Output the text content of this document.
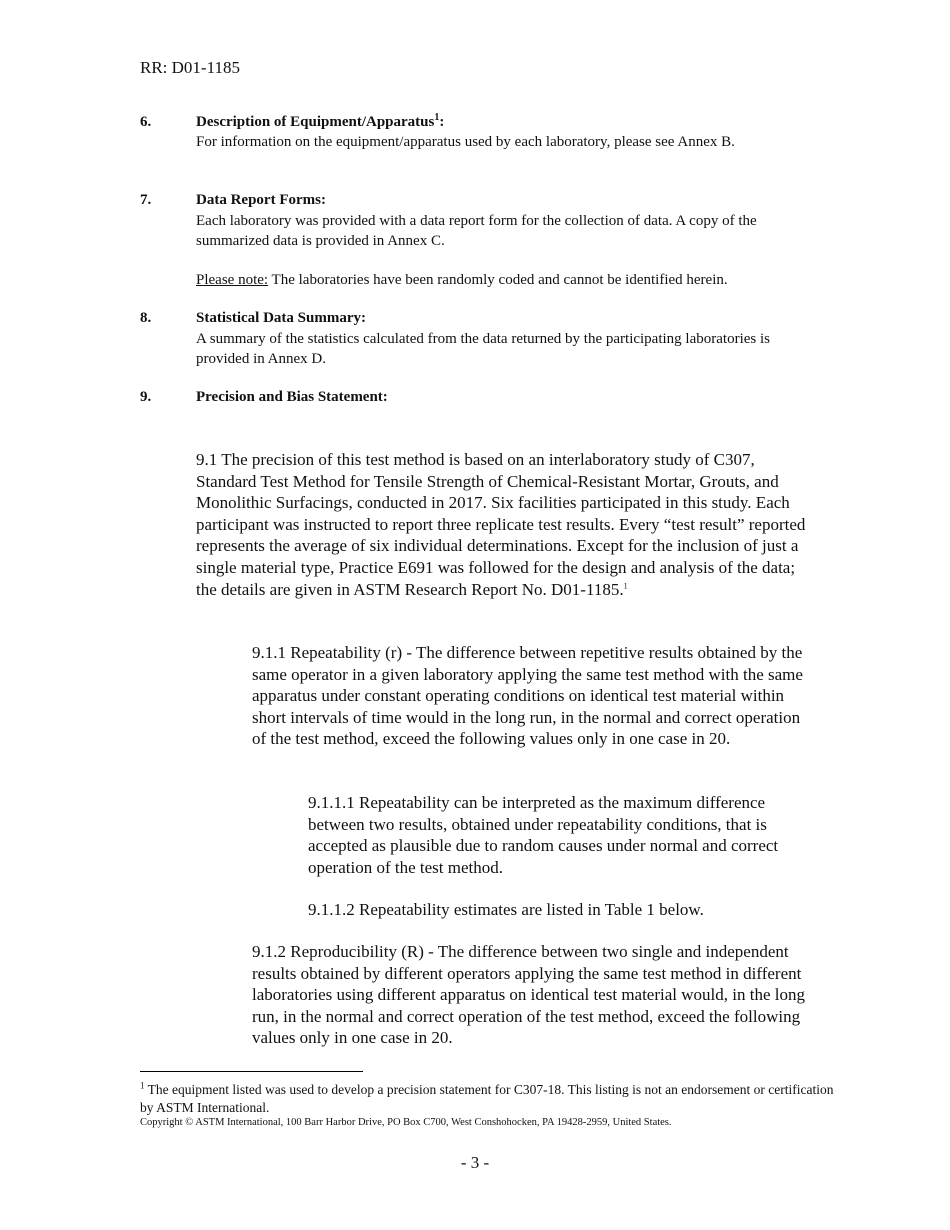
RR: D01-1185
6.	Description of Equipment/Apparatus$^1$:
For information on the equipment/apparatus used by each laboratory, please see Annex B.
7.	Data Report Forms:
Each laboratory was provided with a data report form for the collection of data. A copy of the summarized data is provided in Annex C.
Please note: The laboratories have been randomly coded and cannot be identified herein.
8.	Statistical Data Summary:
A summary of the statistics calculated from the data returned by the participating laboratories is provided in Annex D.
9.	Precision and Bias Statement:
9.1 The precision of this test method is based on an interlaboratory study of C307, Standard Test Method for Tensile Strength of Chemical-Resistant Mortar, Grouts, and Monolithic Surfacings, conducted in 2017. Six facilities participated in this study. Each participant was instructed to report three replicate test results. Every “test result” reported represents the average of six individual determinations. Except for the inclusion of just a single material type, Practice E691 was followed for the design and analysis of the data; the details are given in ASTM Research Report No. D01-1185.$^1$
9.1.1 Repeatability (r) - The difference between repetitive results obtained by the same operator in a given laboratory applying the same test method with the same apparatus under constant operating conditions on identical test material within short intervals of time would in the long run, in the normal and correct operation of the test method, exceed the following values only in one case in 20.
9.1.1.1 Repeatability can be interpreted as the maximum difference between two results, obtained under repeatability conditions, that is accepted as plausible due to random causes under normal and correct operation of the test method.
9.1.1.2 Repeatability estimates are listed in Table 1 below.
9.1.2 Reproducibility (R) - The difference between two single and independent results obtained by different operators applying the same test method in different laboratories using different apparatus on identical test material would, in the long run, in the normal and correct operation of the test method, exceed the following values only in one case in 20.
$^1$ The equipment listed was used to develop a precision statement for C307-18. This listing is not an endorsement or certification by ASTM International.
Copyright © ASTM International, 100 Barr Harbor Drive, PO Box C700, West Conshohocken, PA 19428-2959, United States.
- 3 -
